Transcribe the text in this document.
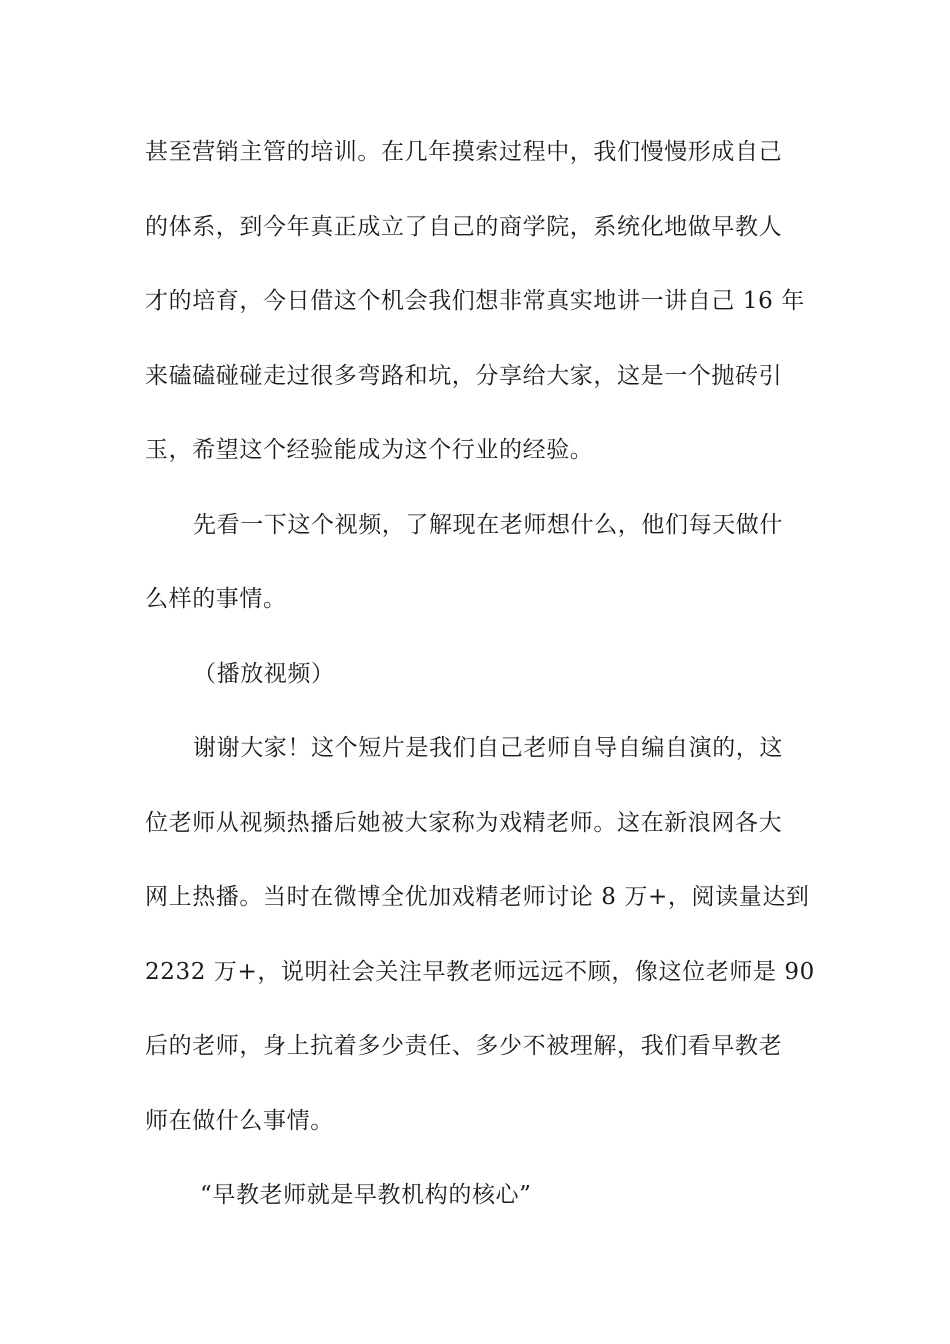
甚至营销主管的培训。在几年摸索过程中，我们慢慢形成自己
的体系，到今年真正成立了自己的商学院，系统化地做早教人
才的培育，今日借这个机会我们想非常真实地讲一讲自己 16 年
来磕磕碰碰走过很多弯路和坑，分享给大家，这是一个抛砖引
玉，希望这个经验能成为这个行业的经验。
先看一下这个视频，了解现在老师想什么，他们每天做什
么样的事情。
（播放视频）
谢谢大家！这个短片是我们自己老师自导自编自演的，这
位老师从视频热播后她被大家称为戏精老师。这在新浪网各大
网上热播。当时在微博全优加戏精老师讨论 8 万+，阅读量达到
2232 万+，说明社会关注早教老师远远不顾，像这位老师是 90
后的老师，身上抗着多少责任、多少不被理解，我们看早教老
师在做什么事情。
“早教老师就是早教机构的核心”
